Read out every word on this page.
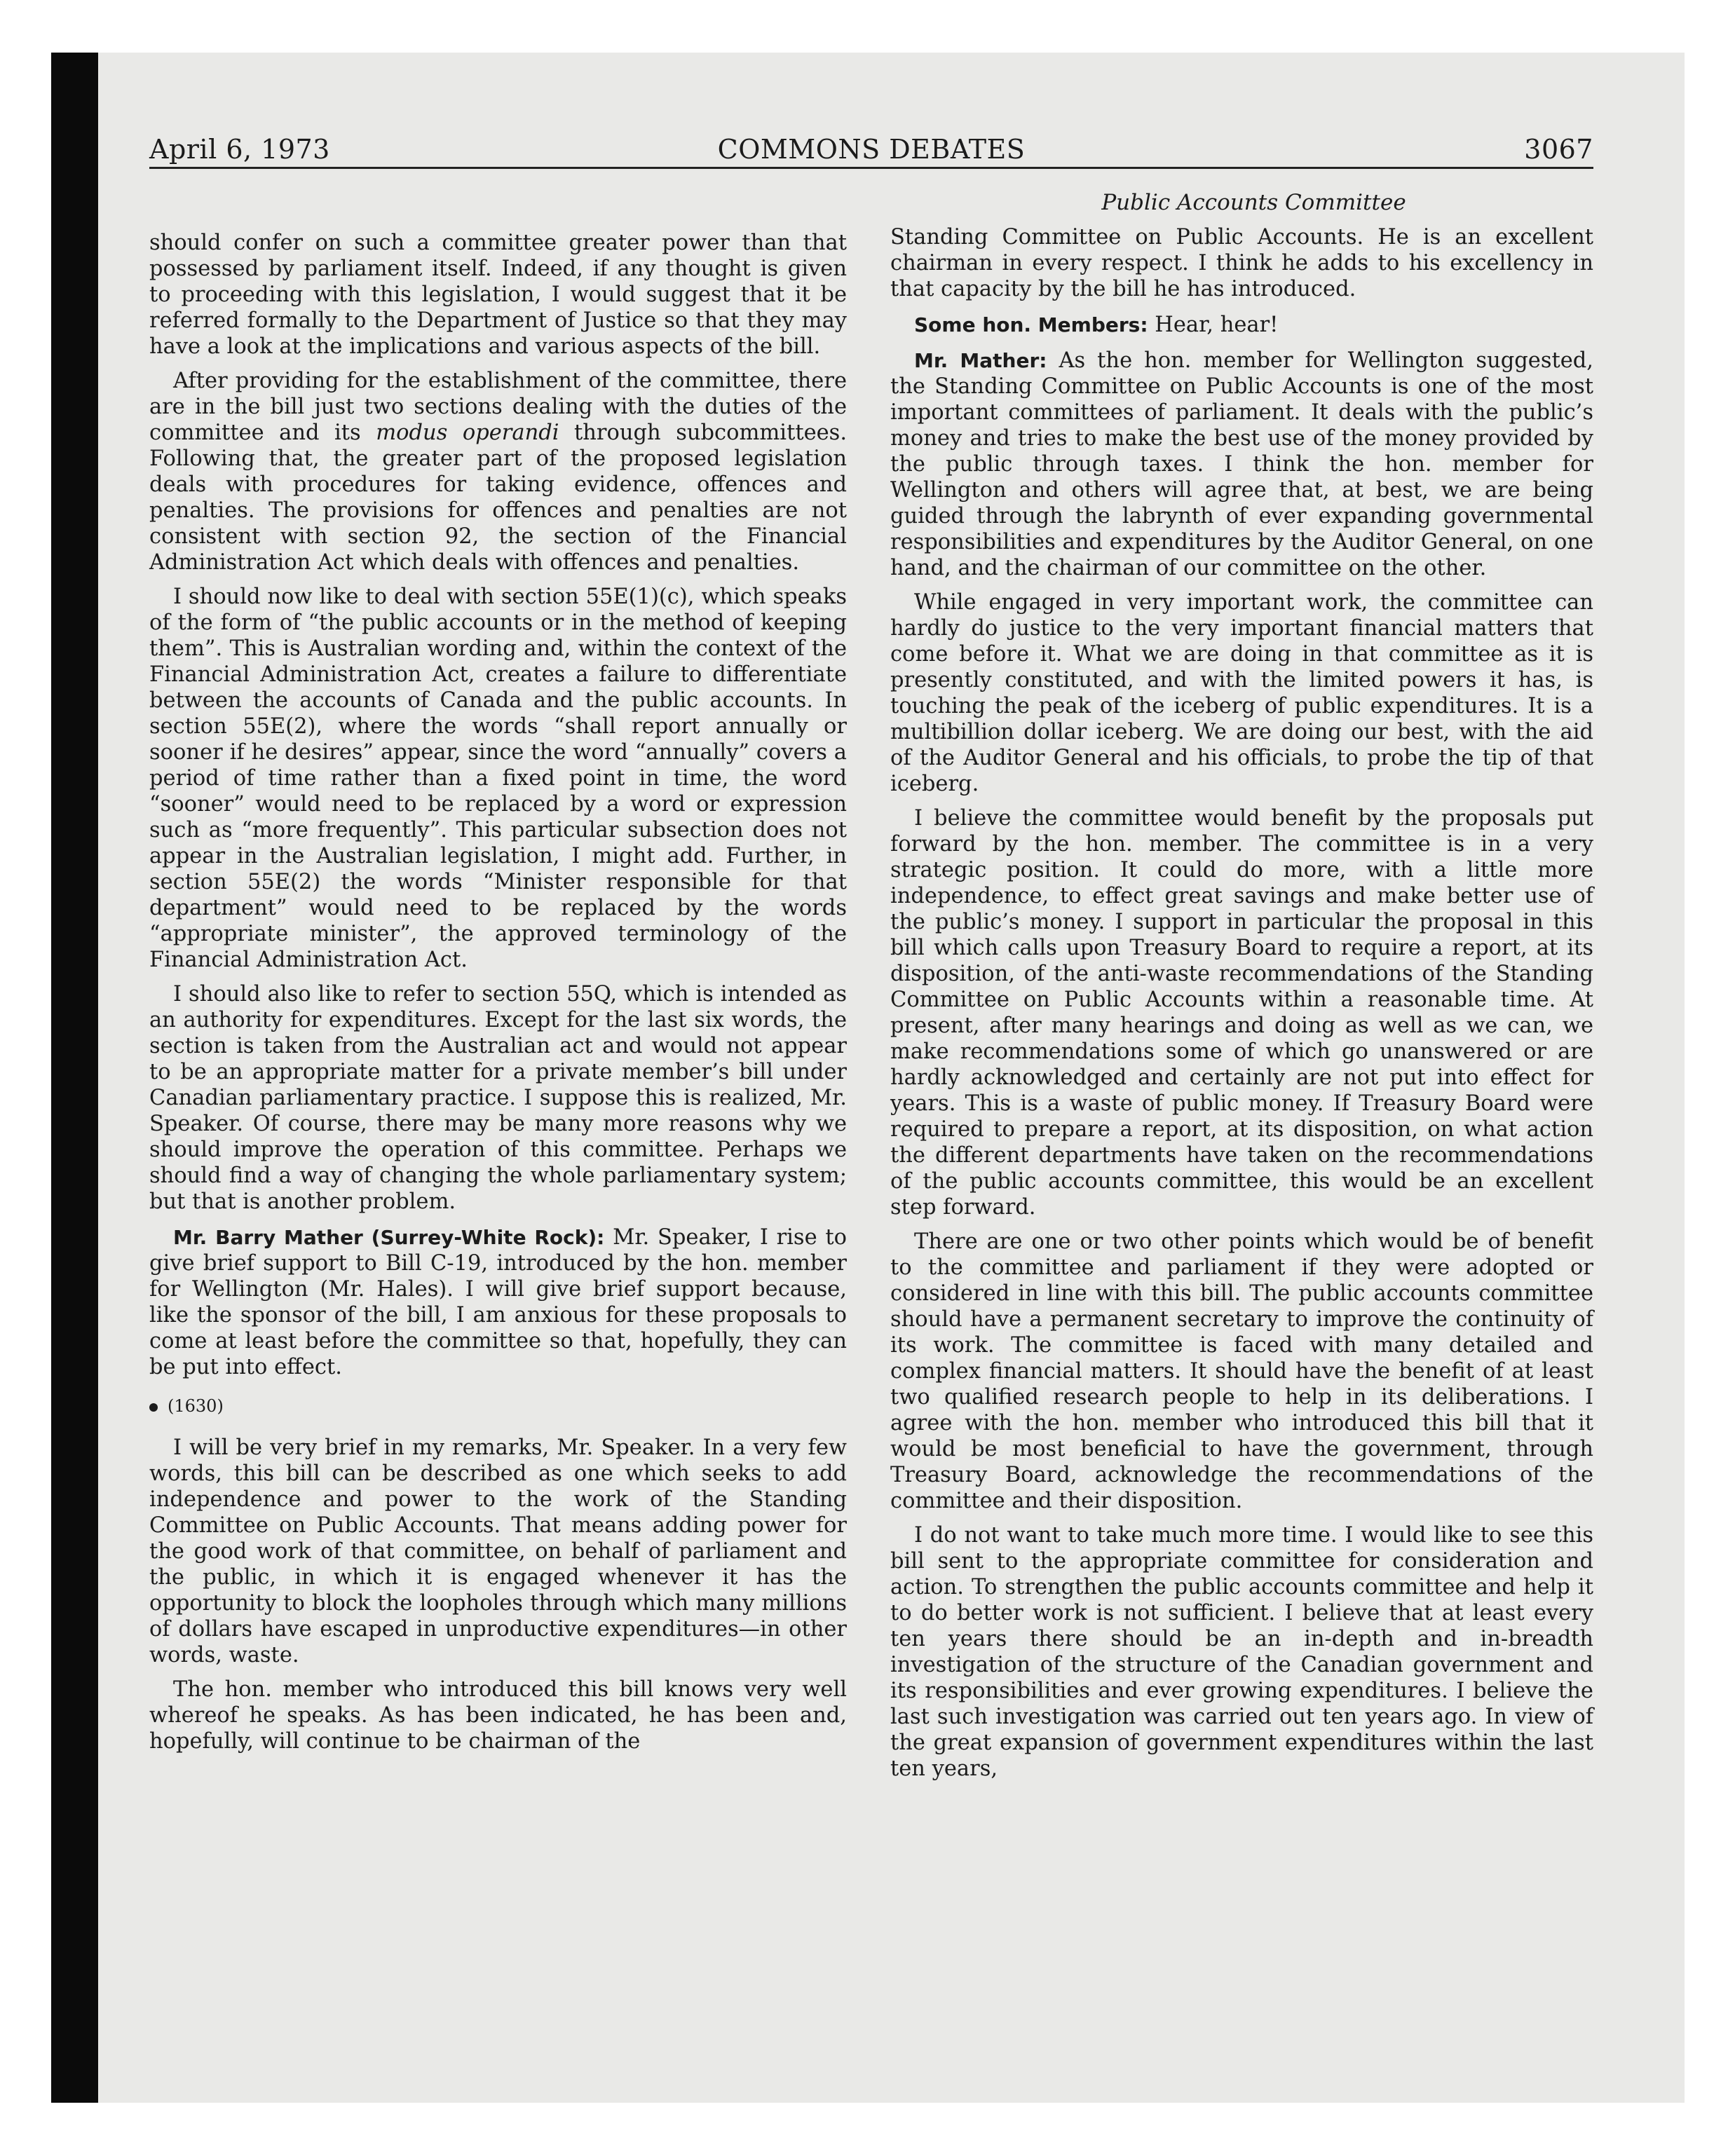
April 6, 1973	COMMONS DEBATES	3067

should confer on such a committee greater power than that possessed by parliament itself. Indeed, if any thought is given to proceeding with this legislation, I would suggest that it be referred formally to the Department of Justice so that they may have a look at the implications and various aspects of the bill.

After providing for the establishment of the committee, there are in the bill just two sections dealing with the duties of the committee and its modus operandi through subcommittees. Following that, the greater part of the proposed legislation deals with procedures for taking evidence, offences and penalties. The provisions for offences and penalties are not consistent with section 92, the section of the Financial Administration Act which deals with offences and penalties.

I should now like to deal with section 55E(1)(c), which speaks of the form of “the public accounts or in the method of keeping them”. This is Australian wording and, within the context of the Financial Administration Act, creates a failure to differentiate between the accounts of Canada and the public accounts. In section 55E(2), where the words “shall report annually or sooner if he desires” appear, since the word “annually” covers a period of time rather than a fixed point in time, the word “sooner” would need to be replaced by a word or expression such as “more frequently”. This particular subsection does not appear in the Australian legislation, I might add. Further, in section 55E(2) the words “Minister responsible for that department” would need to be replaced by the words “appropriate minister”, the approved terminology of the Financial Administration Act.

I should also like to refer to section 55Q, which is intended as an authority for expenditures. Except for the last six words, the section is taken from the Australian act and would not appear to be an appropriate matter for a private member’s bill under Canadian parliamentary practice. I suppose this is realized, Mr. Speaker. Of course, there may be many more reasons why we should improve the operation of this committee. Perhaps we should find a way of changing the whole parliamentary system; but that is another problem.

Mr. Barry Mather (Surrey-White Rock): Mr. Speaker, I rise to give brief support to Bill C-19, introduced by the hon. member for Wellington (Mr. Hales). I will give brief support because, like the sponsor of the bill, I am anxious for these proposals to come at least before the committee so that, hopefully, they can be put into effect.

(1630)

I will be very brief in my remarks, Mr. Speaker. In a very few words, this bill can be described as one which seeks to add independence and power to the work of the Standing Committee on Public Accounts. That means adding power for the good work of that committee, on behalf of parliament and the public, in which it is engaged whenever it has the opportunity to block the loopholes through which many millions of dollars have escaped in unproductive expenditures—in other words, waste.

The hon. member who introduced this bill knows very well whereof he speaks. As has been indicated, he has been and, hopefully, will continue to be chairman of the

Public Accounts Committee

Standing Committee on Public Accounts. He is an excellent chairman in every respect. I think he adds to his excellency in that capacity by the bill he has introduced.

Some hon. Members: Hear, hear!

Mr. Mather: As the hon. member for Wellington suggested, the Standing Committee on Public Accounts is one of the most important committees of parliament. It deals with the public’s money and tries to make the best use of the money provided by the public through taxes. I think the hon. member for Wellington and others will agree that, at best, we are being guided through the labrynth of ever expanding governmental responsibilities and expenditures by the Auditor General, on one hand, and the chairman of our committee on the other.

While engaged in very important work, the committee can hardly do justice to the very important financial matters that come before it. What we are doing in that committee as it is presently constituted, and with the limited powers it has, is touching the peak of the iceberg of public expenditures. It is a multibillion dollar iceberg. We are doing our best, with the aid of the Auditor General and his officials, to probe the tip of that iceberg.

I believe the committee would benefit by the proposals put forward by the hon. member. The committee is in a very strategic position. It could do more, with a little more independence, to effect great savings and make better use of the public’s money. I support in particular the proposal in this bill which calls upon Treasury Board to require a report, at its disposition, of the anti-waste recommendations of the Standing Committee on Public Accounts within a reasonable time. At present, after many hearings and doing as well as we can, we make recommendations some of which go unanswered or are hardly acknowledged and certainly are not put into effect for years. This is a waste of public money. If Treasury Board were required to prepare a report, at its disposition, on what action the different departments have taken on the recommendations of the public accounts committee, this would be an excellent step forward.

There are one or two other points which would be of benefit to the committee and parliament if they were adopted or considered in line with this bill. The public accounts committee should have a permanent secretary to improve the continuity of its work. The committee is faced with many detailed and complex financial matters. It should have the benefit of at least two qualified research people to help in its deliberations. I agree with the hon. member who introduced this bill that it would be most beneficial to have the government, through Treasury Board, acknowledge the recommendations of the committee and their disposition.

I do not want to take much more time. I would like to see this bill sent to the appropriate committee for consideration and action. To strengthen the public accounts committee and help it to do better work is not sufficient. I believe that at least every ten years there should be an in-depth and in-breadth investigation of the structure of the Canadian government and its responsibilities and ever growing expenditures. I believe the last such investigation was carried out ten years ago. In view of the great expansion of government expenditures within the last ten years,
